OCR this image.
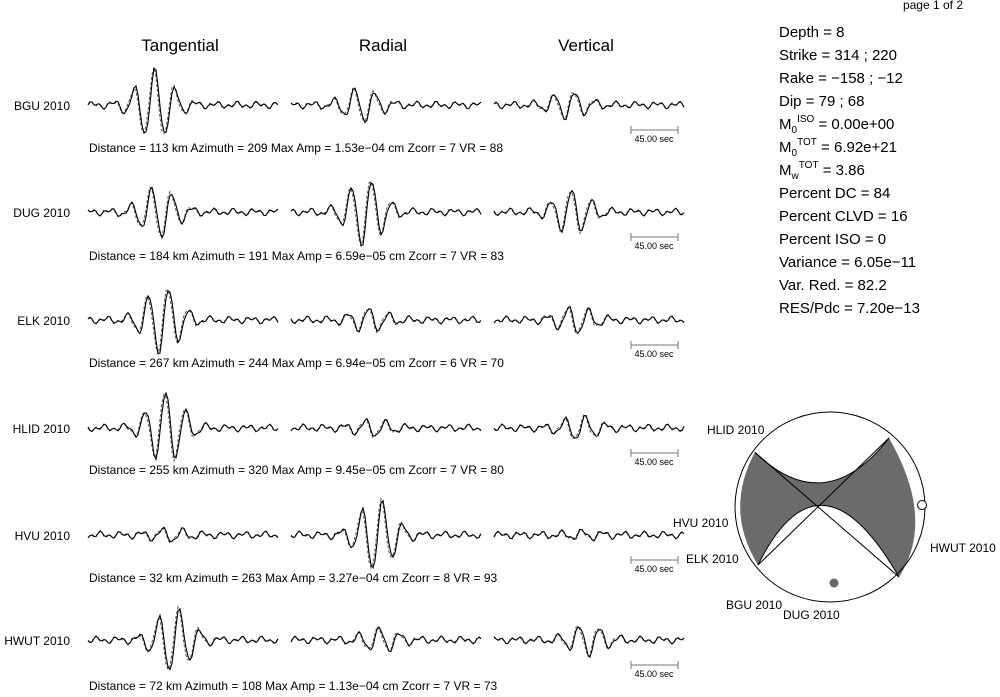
page 1 of 2
Tangential	Radial	Vertical
BGU 2010
45.00 sec
Distance = 113 km Azimuth = 209 Max Amp = 1.53e−04 cm Zcorr = 7 VR = 88
DUG 2010
45.00 sec
Distance = 184 km Azimuth = 191 Max Amp = 6.59e−05 cm Zcorr = 7 VR = 83
ELK 2010
45.00 sec
Distance = 267 km Azimuth = 244 Max Amp = 6.94e−05 cm Zcorr = 6 VR = 70
HLID 2010
45.00 sec
Distance = 255 km Azimuth = 320 Max Amp = 9.45e−05 cm Zcorr = 7 VR = 80
HVU 2010
45.00 sec
Distance = 32 km Azimuth = 263 Max Amp = 3.27e−04 cm Zcorr = 8 VR = 93
HWUT 2010
45.00 sec
Distance = 72 km Azimuth = 108 Max Amp = 1.13e−04 cm Zcorr = 7 VR = 73
Depth = 8
Strike = 314 ; 220
Rake = −158 ; −12
Dip = 79 ; 68
$M_0^{ISO} = 0.00e+00$
$M_0^{TOT} = 6.92e+21$
$M_w^{TOT} = 3.86$
Percent DC = 84
Percent CLVD = 16
Percent ISO = 0
Variance = 6.05e−11
Var. Red. = 82.2
RES/Pdc = 7.20e−13
HLID 2010
HVU 2010
ELK 2010
HWUT 2010
BGU 2010
DUG 2010
